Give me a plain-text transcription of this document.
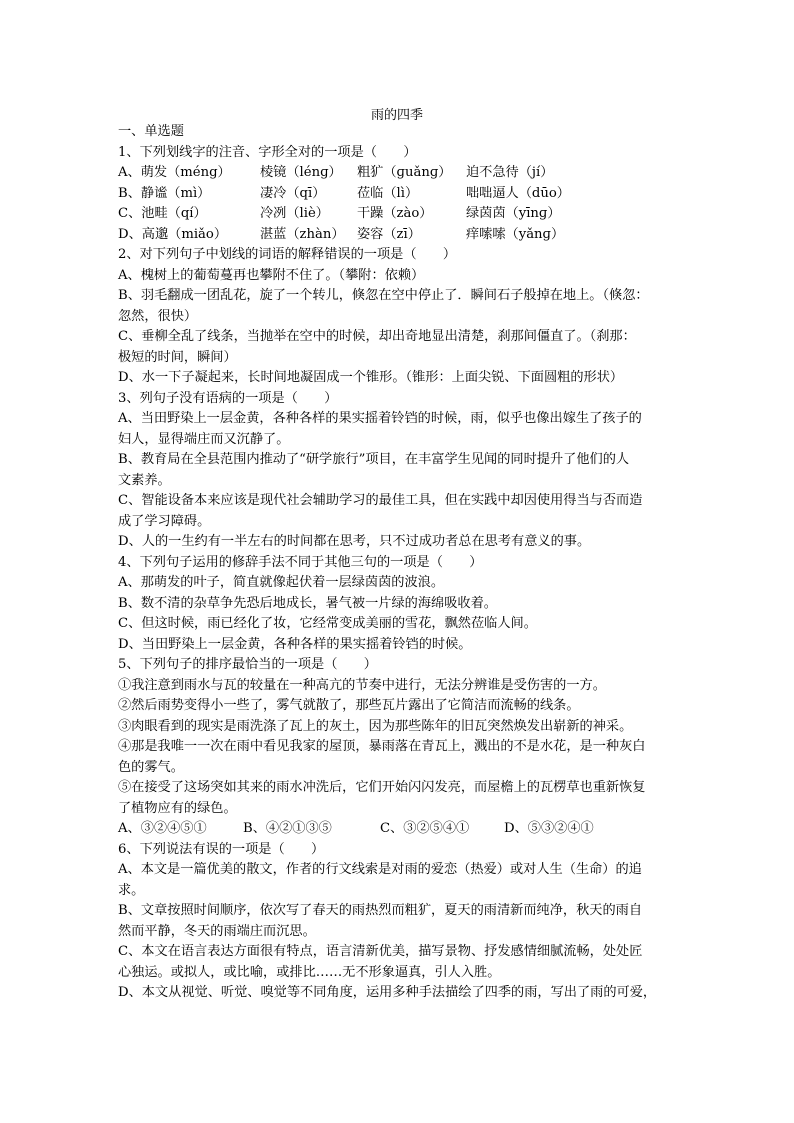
雨的四季
一、单选题
1、下列划线字的注音、字形全对的一项是（　　）
A、萌发（méng） 棱镜（lénɡ） 粗犷（ɡuǎnɡ） 迫不急待（jí）
B、静谧（mì）	凄冷（qī） 莅临（lì）	咄咄逼人（dūo）
C、池畦（qí）	冷冽（liè） 干躁（zào）	绿茵茵（yīnɡ）
D、高邈（miǎo） 湛蓝（zhàn） 姿容（zī）	痒嗦嗦（yǎnɡ）
2、对下列句子中划线的词语的解释错误的一项是（　　）
A、槐树上的葡萄蔓再也攀附不住了。（攀附：依赖）
B、羽毛翻成一团乱花，旋了一个转儿，倏忽在空中停止了．瞬间石子般掉在地上。（倏忽：
忽然，很快）
C、垂柳全乱了线条，当抛举在空中的时候，却出奇地显出清楚，刹那间僵直了。（刹那：
极短的时间，瞬间）
D、水一下子凝起来，长时间地凝固成一个锥形。（锥形：上面尖锐、下面圆粗的形状）
3、列句子没有语病的一项是（　　）
A、当田野染上一层金黄，各种各样的果实摇着铃铛的时候，雨，似乎也像出嫁生了孩子的
妇人，显得端庄而又沉静了。
B、教育局在全县范围内推动了“研学旅行”项目，在丰富学生见闻的同时提升了他们的人
文素养。
C、智能设备本来应该是现代社会辅助学习的最佳工具，但在实践中却因使用得当与否而造
成了学习障碍。
D、人的一生约有一半左右的时间都在思考，只不过成功者总在思考有意义的事。
4、下列句子运用的修辞手法不同于其他三句的一项是（　　）
A、那萌发的叶子，简直就像起伏着一层绿茵茵的波浪。
B、数不清的杂草争先恐后地成长，暑气被一片绿的海绵吸收着。
C、但这时候，雨已经化了妆，它经常变成美丽的雪花，飘然莅临人间。
D、当田野染上一层金黄，各种各样的果实摇着铃铛的时候。
5、下列句子的排序最恰当的一项是（　　）
①我注意到雨水与瓦的较量在一种高亢的节奏中进行，无法分辨谁是受伤害的一方。
②然后雨势变得小一些了，雾气就散了，那些瓦片露出了它简洁而流畅的线条。
③肉眼看到的现实是雨洗涤了瓦上的灰土，因为那些陈年的旧瓦突然焕发出崭新的神采。
④那是我唯一一次在雨中看见我家的屋顶，暴雨落在青瓦上，溅出的不是水花，是一种灰白
色的雾气。
⑤在接受了这场突如其来的雨水冲洗后，它们开始闪闪发亮，而屋檐上的瓦楞草也重新恢复
了植物应有的绿色。
A、③②④⑤①	B、④②①③⑤	C、③②⑤④①	D、⑤③②④①
6、下列说法有误的一项是（　　）
A、本文是一篇优美的散文，作者的行文线索是对雨的爱恋（热爱）或对人生（生命）的追
求。
B、文章按照时间顺序，依次写了春天的雨热烈而粗犷，夏天的雨清新而纯净，秋天的雨自
然而平静，冬天的雨端庄而沉思。
C、本文在语言表达方面很有特点，语言清新优美，描写景物、抒发感情细腻流畅，处处匠
心独运。或拟人，或比喻，或排比……无不形象逼真，引人入胜。
D、本文从视觉、听觉、嗅觉等不同角度，运用多种手法描绘了四季的雨，写出了雨的可爱，
